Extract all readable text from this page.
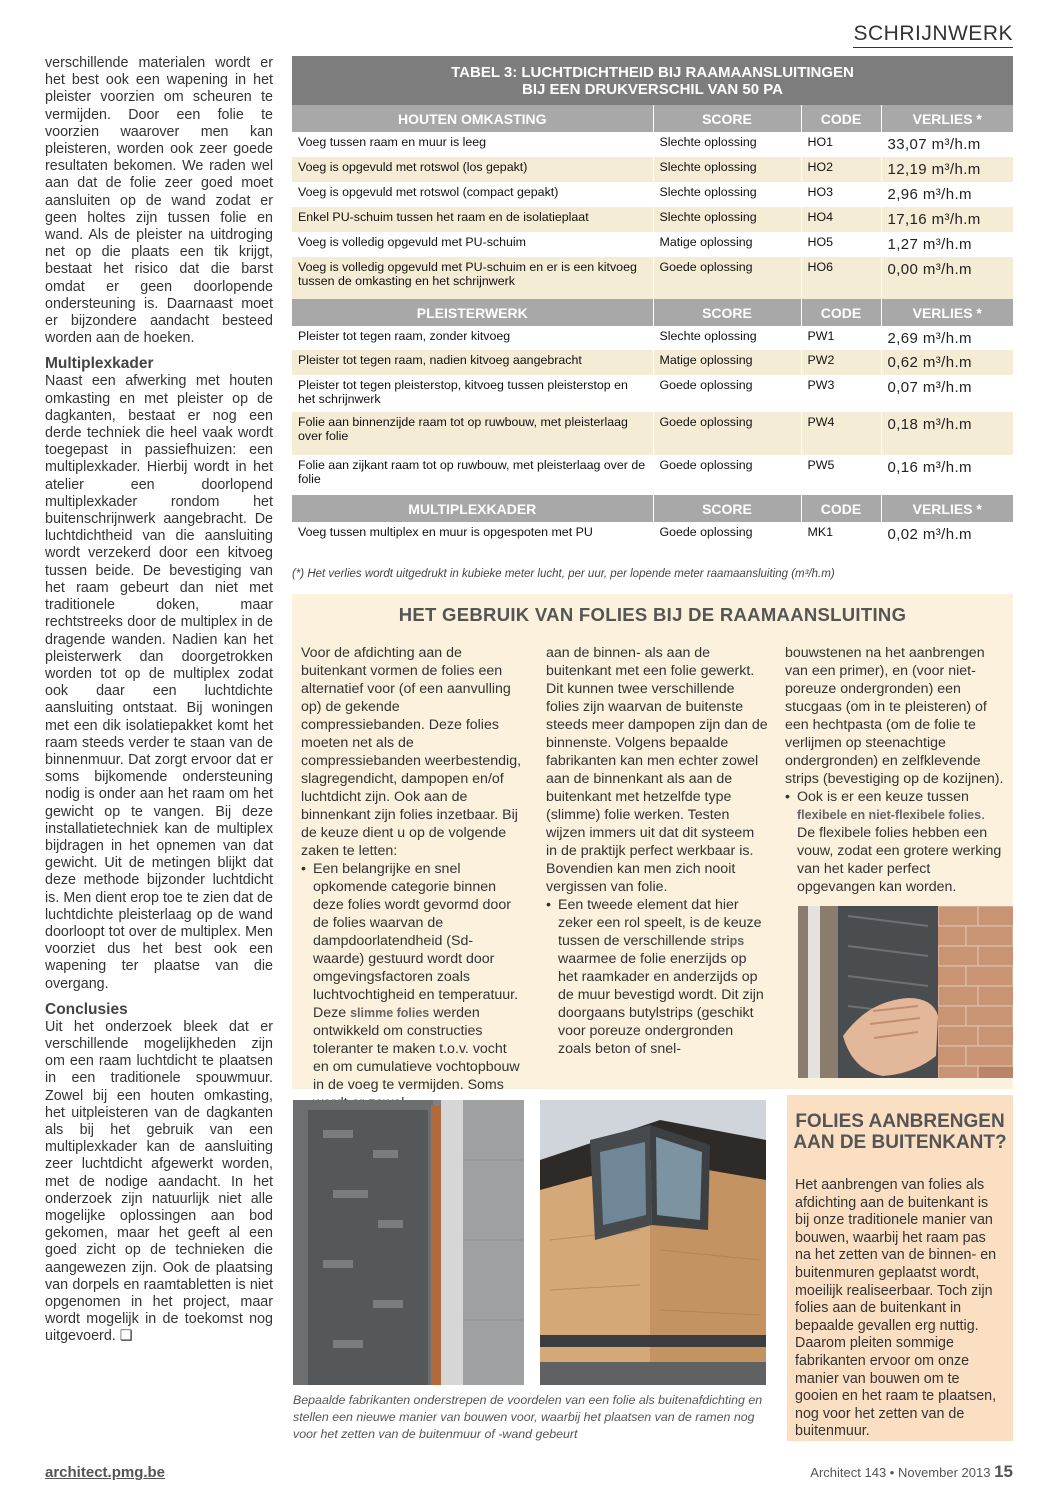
SCHRIJNWERK

verschillende materialen wordt er het best ook een wapening in het pleister voorzien om scheuren te vermijden. Door een folie te voorzien waarover men kan pleisteren, worden ook zeer goede resultaten bekomen. We raden wel aan dat de folie zeer goed moet aansluiten op de wand zodat er geen holtes zijn tussen folie en wand. Als de pleister na uitdroging net op die plaats een tik krijgt, bestaat het risico dat die barst omdat er geen doorlopende ondersteuning is. Daarnaast moet er bijzondere aandacht besteed worden aan de hoeken.

Multiplexkader

Naast een afwerking met houten omkasting en met pleister op de dagkanten, bestaat er nog een derde techniek die heel vaak wordt toegepast in passiefhuizen: een multiplexkader. Hierbij wordt in het atelier een doorlopend multiplexkader rondom het buitenschrijnwerk aangebracht. De luchtdichtheid van die aansluiting wordt verzekerd door een kitvoeg tussen beide. De bevestiging van het raam gebeurt dan niet met traditionele doken, maar rechtstreeks door de multiplex in de dragende wanden. Nadien kan het pleisterwerk dan doorgetrokken worden tot op de multiplex zodat ook daar een luchtdichte aansluiting ontstaat. Bij woningen met een dik isolatiepakket komt het raam steeds verder te staan van de binnenmuur. Dat zorgt ervoor dat er soms bijkomende ondersteuning nodig is onder aan het raam om het gewicht op te vangen. Bij deze installatietechniek kan de multiplex bijdragen in het opnemen van dat gewicht. Uit de metingen blijkt dat deze methode bijzonder luchtdicht is. Men dient erop toe te zien dat de luchtdichte pleisterlaag op de wand doorloopt tot over de multiplex. Men voorziet dus het best ook een wapening ter plaatse van die overgang.

Conclusies

Uit het onderzoek bleek dat er verschillende mogelijkheden zijn om een raam luchtdicht te plaatsen in een traditionele spouwmuur. Zowel bij een houten omkasting, het uitpleisteren van de dagkanten als bij het gebruik van een multiplexkader kan de aansluiting zeer luchtdicht afgewerkt worden, met de nodige aandacht. In het onderzoek zijn natuurlijk niet alle mogelijke oplossingen aan bod gekomen, maar het geeft al een goed zicht op de technieken die aangewezen zijn. Ook de plaatsing van dorpels en raamtabletten is niet opgenomen in het project, maar wordt mogelijk in de toekomst nog uitgevoerd. ❑

TABEL 3: LUCHTDICHTHEID BIJ RAAMAANSLUITINGEN
BIJ EEN DRUKVERSCHIL VAN 50 PA
HOUTEN OMKASTING	SCORE	CODE	VERLIES *
Voeg tussen raam en muur is leeg	Slechte oplossing	HO1	33,07 m³/h.m
Voeg is opgevuld met rotswol (los gepakt)	Slechte oplossing	HO2	12,19 m³/h.m
Voeg is opgevuld met rotswol (compact gepakt)	Slechte oplossing	HO3	2,96 m³/h.m
Enkel PU-schuim tussen het raam en de isolatieplaat	Slechte oplossing	HO4	17,16 m³/h.m
Voeg is volledig opgevuld met PU-schuim	Matige oplossing	HO5	1,27 m³/h.m
Voeg is volledig opgevuld met PU-schuim en er is een kitvoeg tussen de omkasting en het schrijnwerk	Goede oplossing	HO6	0,00 m³/h.m
PLEISTERWERK	SCORE	CODE	VERLIES *
Pleister tot tegen raam, zonder kitvoeg	Slechte oplossing	PW1	2,69 m³/h.m
Pleister tot tegen raam, nadien kitvoeg aangebracht	Matige oplossing	PW2	0,62 m³/h.m
Pleister tot tegen pleisterstop, kitvoeg tussen pleisterstop en het schrijnwerk	Goede oplossing	PW3	0,07 m³/h.m
Folie aan binnenzijde raam tot op ruwbouw, met pleisterlaag over folie	Goede oplossing	PW4	0,18 m³/h.m
Folie aan zijkant raam tot op ruwbouw, met pleisterlaag over de folie	Goede oplossing	PW5	0,16 m³/h.m
MULTIPLEXKADER	SCORE	CODE	VERLIES *
Voeg tussen multiplex en muur is opgespoten met PU	Goede oplossing	MK1	0,02 m³/h.m
(*) Het verlies wordt uitgedrukt in kubieke meter lucht, per uur, per lopende meter raamaansluiting (m³/h.m)
HET GEBRUIK VAN FOLIES BIJ DE RAAMAANSLUITING

Voor de afdichting aan de buitenkant vormen de folies een alternatief voor (of een aanvulling op) de gekende compressiebanden. Deze folies moeten net als de compressiebanden weerbestendig, slagregendicht, dampopen en/of luchtdicht zijn. Ook aan de binnenkant zijn folies inzetbaar. Bij de keuze dient u op de volgende zaken te letten:

• Een belangrijke en snel opkomende categorie binnen deze folies wordt gevormd door de folies waarvan de dampdoorlatendheid (Sd-waarde) gestuurd wordt door omgevingsfactoren zoals luchtvochtigheid en temperatuur. Deze slimme folies werden ontwikkeld om constructies toleranter te maken t.o.v. vocht en om cumulatieve vochtopbouw in de voeg te vermijden. Soms

aan de binnen- als aan de buitenkant met een folie gewerkt. Dit kunnen twee verschillende folies zijn waarvan de buitenste steeds meer dampopen zijn dan de binnenste. Volgens bepaalde fabrikanten kan men echter zowel aan de binnenkant als aan de buitenkant met hetzelfde type (slimme) folie werken. Testen wijzen immers uit dat dit systeem in de praktijk perfect werkbaar is. Bovendien kan men zich nooit vergissen van folie.

• Een tweede element dat hier zeker een rol speelt, is de keuze tussen de verschillende strips waarmee de folie enerzijds op het raamkader en anderzijds op de muur bevestigd wordt. Dit zijn doorgaans butylstrips (geschikt voor poreuze ondergronden zoals beton of snel-

bouwstenen na het aanbrengen van een primer), en (voor niet-poreuze ondergronden) een stucgaas (om in te pleisteren) of een hechtpasta (om de folie te verlijmen op steenachtige ondergronden) en zelfklevende strips (bevestiging op de kozijnen).

• Ook is er een keuze tussen flexibele en niet-flexibele folies. De flexibele folies hebben een vouw, zodat een grotere werking van het kader perfect opgevangen kan worden.

Bepaalde fabrikanten onderstrepen de voordelen van een folie als buitenafdichting en stellen een nieuwe manier van bouwen voor, waarbij het plaatsen van de ramen nog voor het zetten van de buitenmuur of -wand gebeurt
FOLIES AANBRENGEN
AAN DE BUITENKANT?

Het aanbrengen van folies als afdichting aan de buitenkant is bij onze traditionele manier van bouwen, waarbij het raam pas na het zetten van de binnen- en buitenmuren geplaatst wordt, moeilijk realiseerbaar. Toch zijn folies aan de buitenkant in bepaalde gevallen erg nuttig. Daarom pleiten sommige fabrikanten ervoor om onze manier van bouwen om te gooien en het raam te plaatsen, nog voor het zetten van de buitenmuur.

architect.pmg.be	Architect 143 • November 2013 15
